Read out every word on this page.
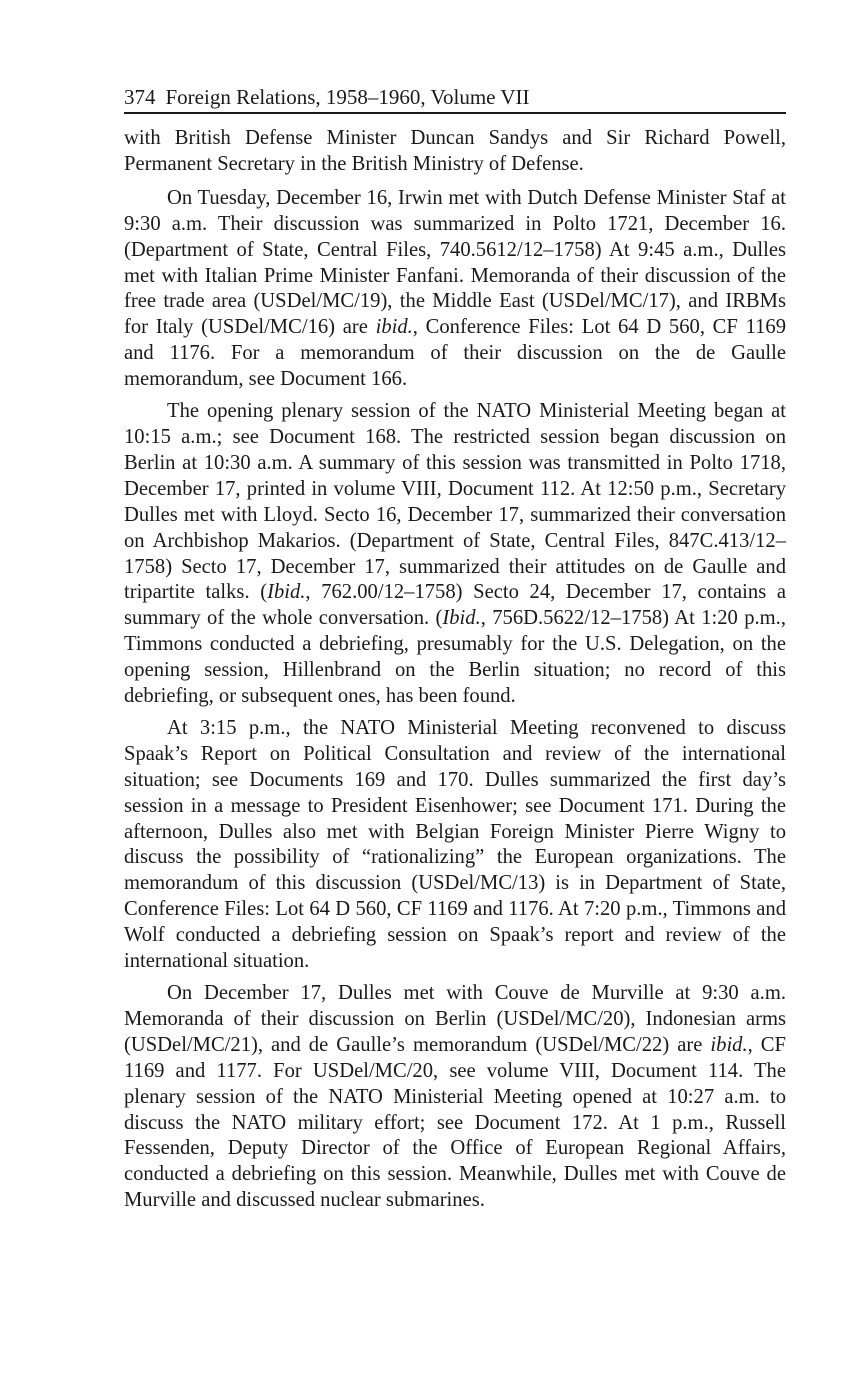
374 Foreign Relations, 1958–1960, Volume VII

with British Defense Minister Duncan Sandys and Sir Richard Powell, Permanent Secretary in the British Ministry of Defense.

On Tuesday, December 16, Irwin met with Dutch Defense Minister Staf at 9:30 a.m. Their discussion was summarized in Polto 1721, December 16. (Department of State, Central Files, 740.5612/12–1758) At 9:45 a.m., Dulles met with Italian Prime Minister Fanfani. Memoranda of their discussion of the free trade area (USDel/MC/19), the Middle East (USDel/MC/17), and IRBMs for Italy (USDel/MC/16) are ibid., Conference Files: Lot 64 D 560, CF 1169 and 1176. For a memorandum of their discussion on the de Gaulle memorandum, see Document 166.

The opening plenary session of the NATO Ministerial Meeting began at 10:15 a.m.; see Document 168. The restricted session began discussion on Berlin at 10:30 a.m. A summary of this session was transmitted in Polto 1718, December 17, printed in volume VIII, Document 112. At 12:50 p.m., Secretary Dulles met with Lloyd. Secto 16, December 17, summarized their conversation on Archbishop Makarios. (Department of State, Central Files, 847C.413/12–1758) Secto 17, December 17, summarized their attitudes on de Gaulle and tripartite talks. (Ibid., 762.00/12–1758) Secto 24, December 17, contains a summary of the whole conversation. (Ibid., 756D.5622/12–1758) At 1:20 p.m., Timmons conducted a debriefing, presumably for the U.S. Delegation, on the opening session, Hillenbrand on the Berlin situation; no record of this debriefing, or subsequent ones, has been found.

At 3:15 p.m., the NATO Ministerial Meeting reconvened to discuss Spaak’s Report on Political Consultation and review of the international situation; see Documents 169 and 170. Dulles summarized the first day’s session in a message to President Eisenhower; see Document 171. During the afternoon, Dulles also met with Belgian Foreign Minister Pierre Wigny to discuss the possibility of “rationalizing” the European organizations. The memorandum of this discussion (USDel/MC/13) is in Department of State, Conference Files: Lot 64 D 560, CF 1169 and 1176. At 7:20 p.m., Timmons and Wolf conducted a debriefing session on Spaak’s report and review of the international situation.

On December 17, Dulles met with Couve de Murville at 9:30 a.m. Memoranda of their discussion on Berlin (USDel/MC/20), Indonesian arms (USDel/MC/21), and de Gaulle’s memorandum (USDel/MC/22) are ibid., CF 1169 and 1177. For USDel/MC/20, see volume VIII, Document 114. The plenary session of the NATO Ministerial Meeting opened at 10:27 a.m. to discuss the NATO military effort; see Document 172. At 1 p.m., Russell Fessenden, Deputy Director of the Office of European Regional Affairs, conducted a debriefing on this session. Meanwhile, Dulles met with Couve de Murville and discussed nuclear submarines.
